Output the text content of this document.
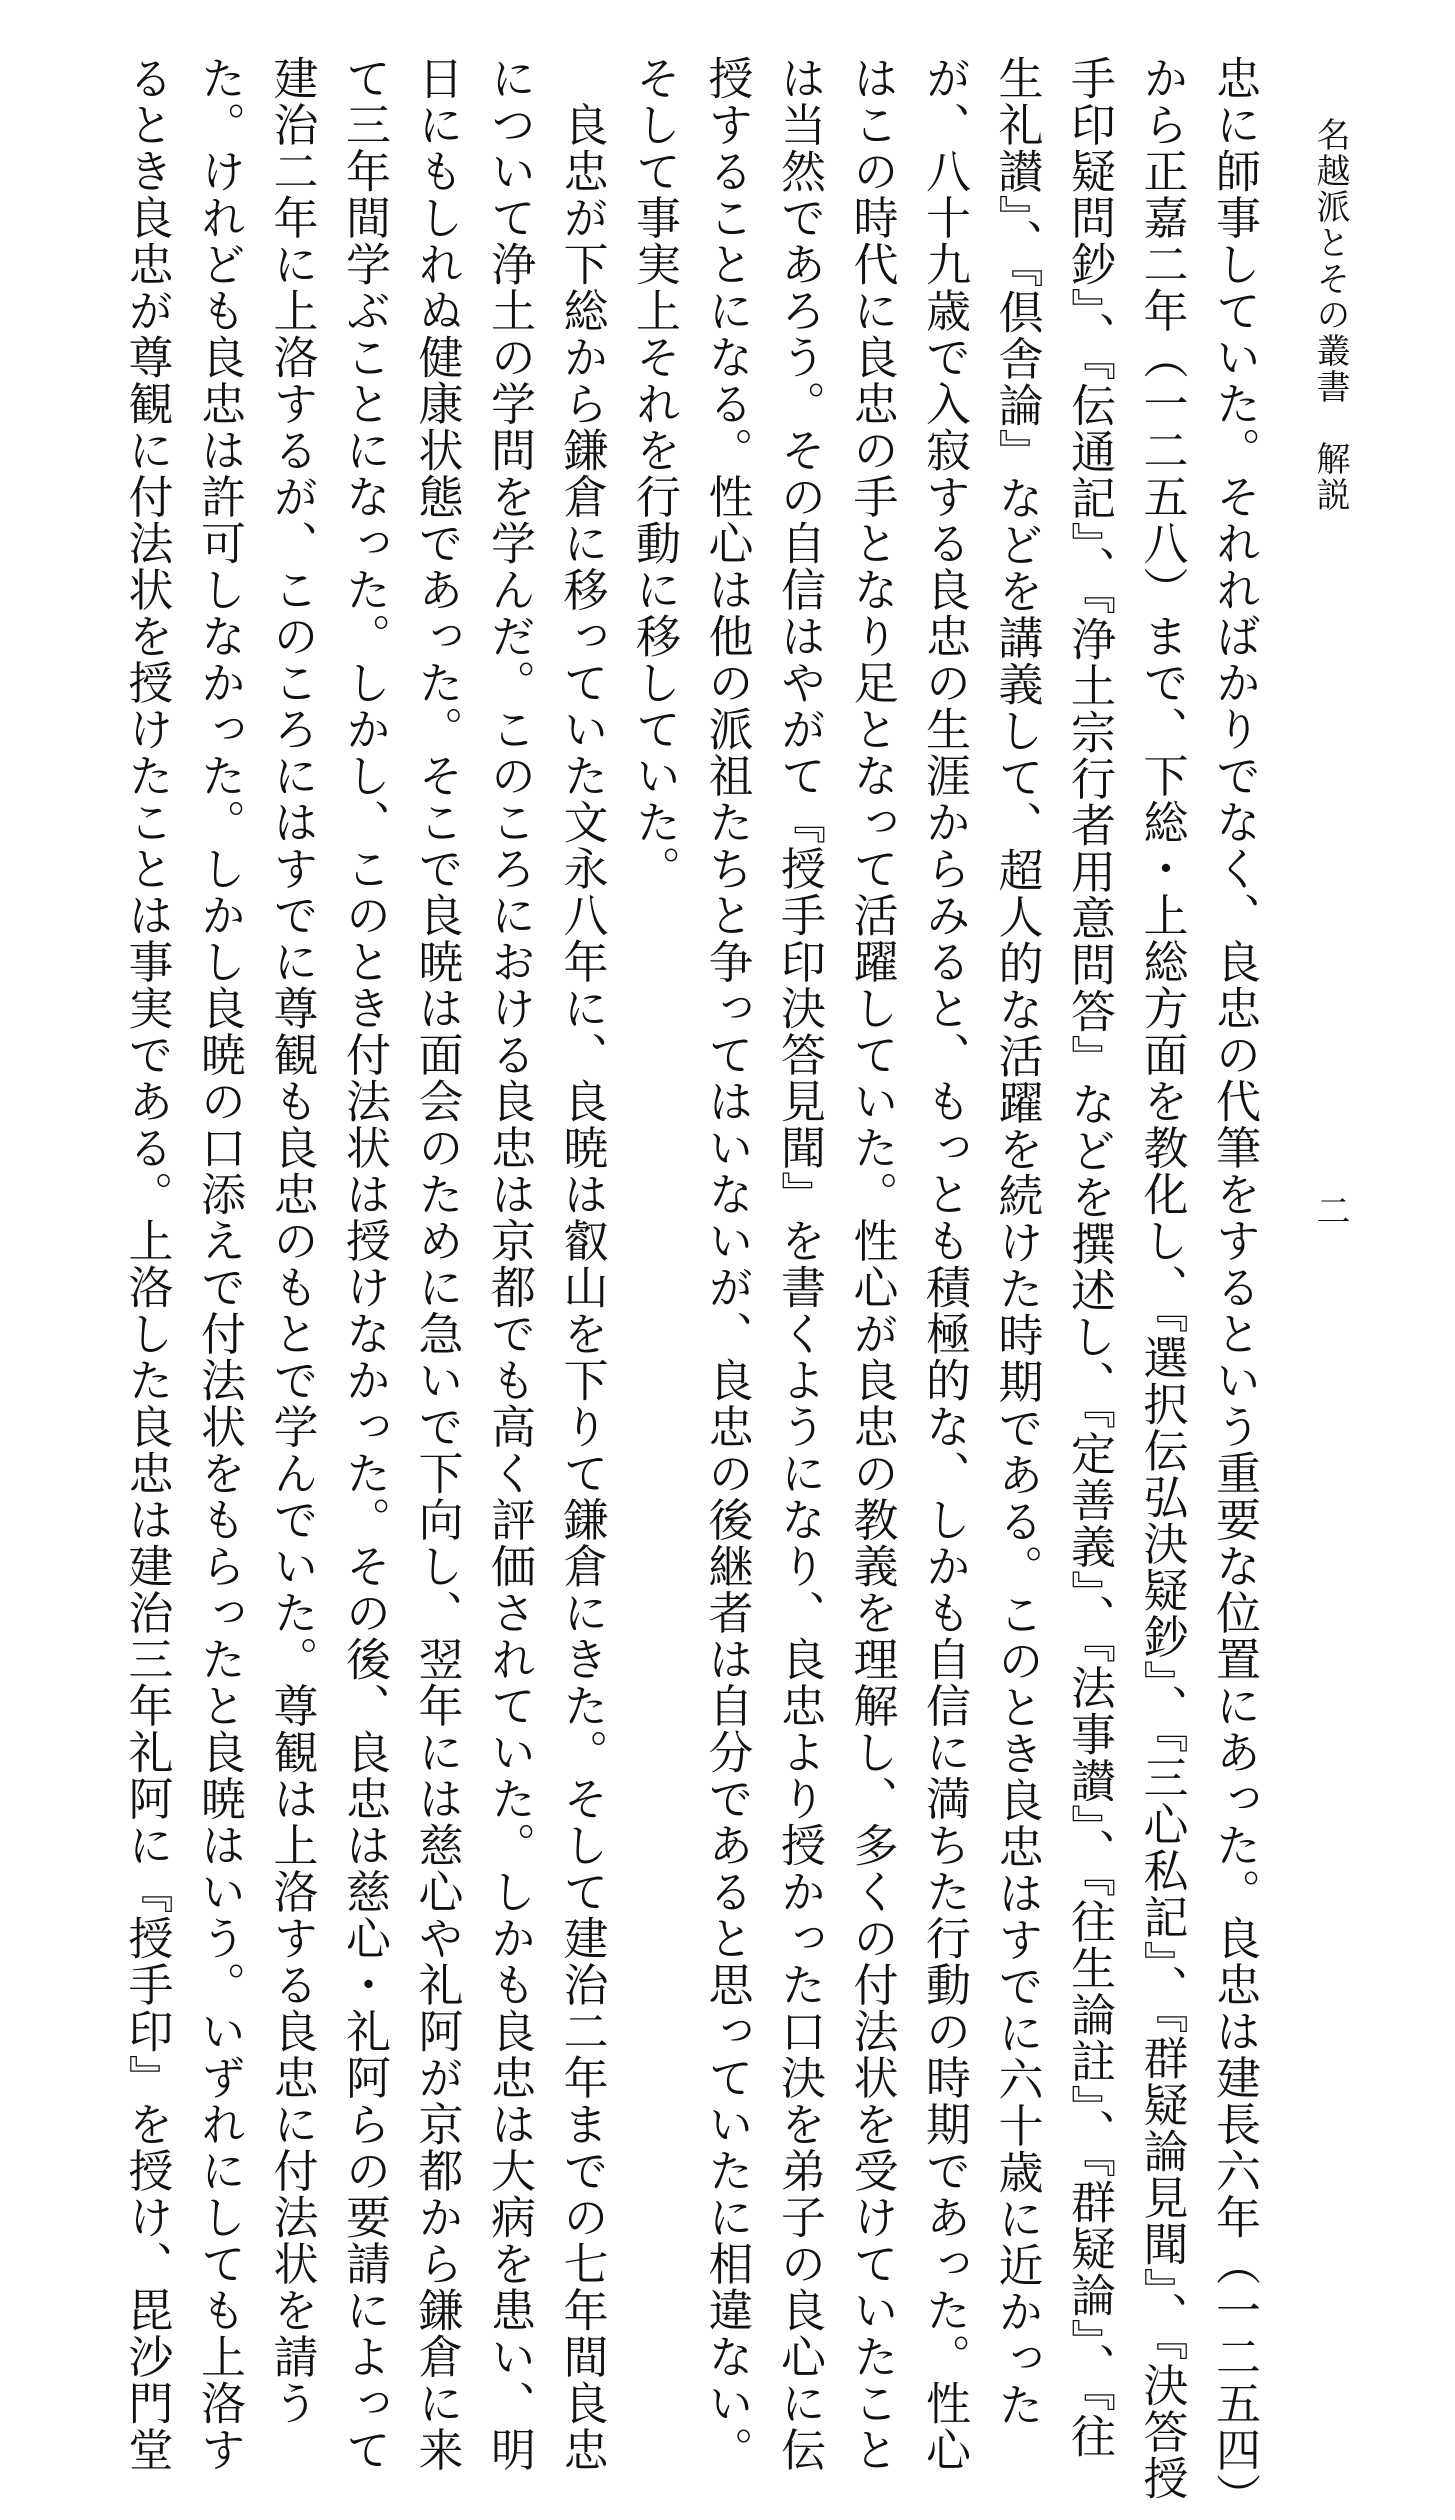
名越派とその叢書　解説
二
忠に師事していた。それればかりでなく、良忠の代筆をするという重要な位置にあった。良忠は建長六年（一二五四）
から正嘉二年（一二五八）まで、下総・上総方面を教化し、『選択伝弘決疑鈔』、『三心私記』、『群疑論見聞』、『決答授
手印疑問鈔』、『伝通記』、『浄土宗行者用意問答』などを撰述し、『定善義』、『法事讃』、『往生論註』、『群疑論』、『往
生礼讃』、『倶舎論』などを講義して、超人的な活躍を続けた時期である。このとき良忠はすでに六十歳に近かった
が、八十九歳で入寂する良忠の生涯からみると、もっとも積極的な、しかも自信に満ちた行動の時期であった。性心
はこの時代に良忠の手となり足となって活躍していた。性心が良忠の教義を理解し、多くの付法状を受けていたこと
は当然であろう。その自信はやがて『授手印決答見聞』を書くようになり、良忠より授かった口決を弟子の良心に伝
授することになる。性心は他の派祖たちと争ってはいないが、良忠の後継者は自分であると思っていたに相違ない。
そして事実上それを行動に移していた。
　良忠が下総から鎌倉に移っていた文永八年に、良暁は叡山を下りて鎌倉にきた。そして建治二年までの七年間良忠
について浄土の学問を学んだ。このころにおける良忠は京都でも高く評価されていた。しかも良忠は大病を患い、明
日にもしれぬ健康状態であった。そこで良暁は面会のために急いで下向し、翌年には慈心や礼阿が京都から鎌倉に来
て三年間学ぶことになった。しかし、このとき付法状は授けなかった。その後、良忠は慈心・礼阿らの要請によって
建治二年に上洛するが、このころにはすでに尊観も良忠のもとで学んでいた。尊観は上洛する良忠に付法状を請う
た。けれども良忠は許可しなかった。しかし良暁の口添えで付法状をもらったと良暁はいう。いずれにしても上洛す
るとき良忠が尊観に付法状を授けたことは事実である。上洛した良忠は建治三年礼阿に『授手印』を授け、毘沙門堂
